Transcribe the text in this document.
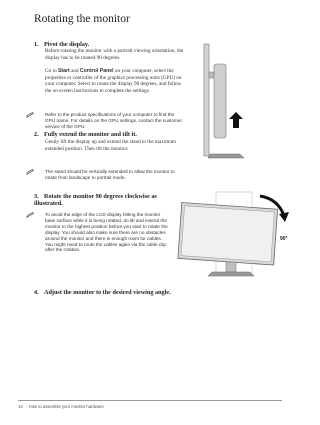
Rotating the monitor
1. Pivot the display.
Before rotating the monitor with a portrait viewing orientation, the display has to be rotated 90 degrees.
Go to Start and Control Panel on your computer, select the properties or controller of the graphics processing units (GPU) on your computer. Select to rotate the display 90 degrees, and follow the on-screen instructions to complete the settings.
Refer to the product specifications of your computer to find the GPU name. For details on the GPU settings, contact the customer service of the GPU.
2. Fully extend the monitor and tilt it.
Gently lift the display up and extend the stand to the maximum extended position. Then tilt the monitor.
The stand should be vertically extended to allow the monitor to rotate from landscape to portrait mode.
3. Rotate the monitor 90 degrees clockwise as illustrated.
To avoid the edge of the LCD display hitting the monitor base surface while it is being rotated, do tilt and extend the monitor to the highest position before you start to rotate the display. You should also make sure there are no obstacles around the monitor and there is enough room for cables. You might need to route the cables again via the cable clip after the rotation.
90°
4. Adjust the monitor to the desired viewing angle.
14 How to assemble your monitor hardware
